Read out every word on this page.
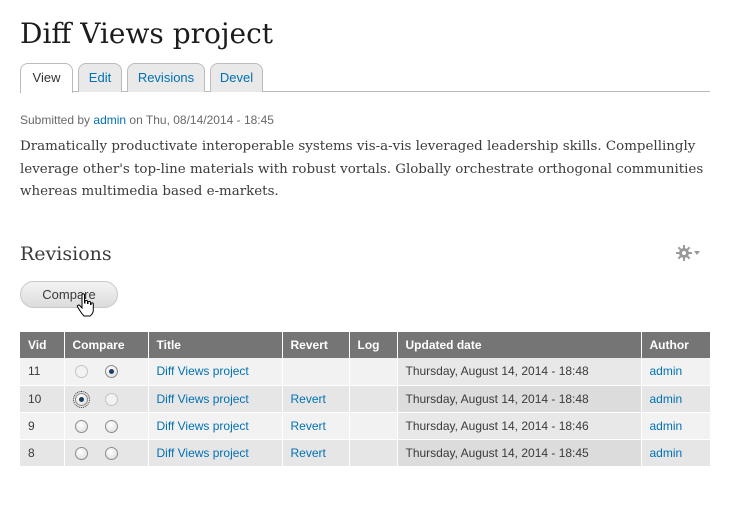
Diff Views project
View	Edit	Revisions	Devel
Submitted by admin on Thu, 08/14/2014 - 18:45

Dramatically productivate interoperable systems vis-a-vis leveraged leadership skills. Compellingly leverage other's top-line materials with robust vortals. Globally orchestrate orthogonal communities whereas multimedia based e-markets.

Revisions
Compare
Vid	Compare	Title	Revert	Log	Updated date	Author
11		Diff Views project			Thursday, August 14, 2014 - 18:48	admin
10		Diff Views project	Revert		Thursday, August 14, 2014 - 18:48	admin
9		Diff Views project	Revert		Thursday, August 14, 2014 - 18:46	admin
8		Diff Views project	Revert		Thursday, August 14, 2014 - 18:45	admin
